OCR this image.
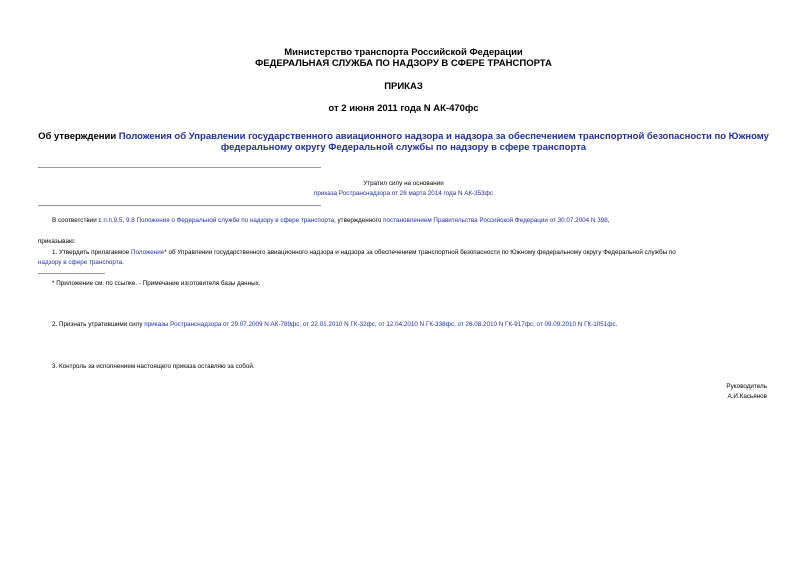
Министерство транспорта Российской Федерации
ФЕДЕРАЛЬНАЯ СЛУЖБА ПО НАДЗОРУ В СФЕРЕ ТРАНСПОРТА
ПРИКАЗ
от 2 июня 2011 года N АК-470фс
Об утверждении Положения об Управлении государственного авиационного надзора и надзора за обеспечением транспортной безопасности по Южному
федеральному округу Федеральной службы по надзору в сфере транспорта
Утратил силу на основании
приказа Ространснадзора от 28 марта 2014 года N АК-353фс
В соответствии с п.п.9.5, 9.8 Положения о Федеральной службе по надзору в сфере транспорта, утвержденного постановлением Правительства Российской Федерации от 30.07.2004 N 398,
приказываю:
1. Утвердить прилагаемое Положение* об Управлении государственного авиационного надзора и надзора за обеспечением транспортной безопасности по Южному федеральному округу Федеральной службы по
надзору в сфере транспорта.
* Приложение см. по ссылке. - Примечание изготовителя базы данных.
2. Признать утратившими силу приказы Ространснадзора от 29.07.2009 N АК-789фс, от 22.01.2010 N ГК-32фс, от 12.04.2010 N ГК-338фс, от 26.08.2010 N ГК-917фс, от 09.09.2010 N ГК-1051фс.
3. Контроль за исполнением настоящего приказа оставляю за собой.
Руководитель
А.И.Касьянов
